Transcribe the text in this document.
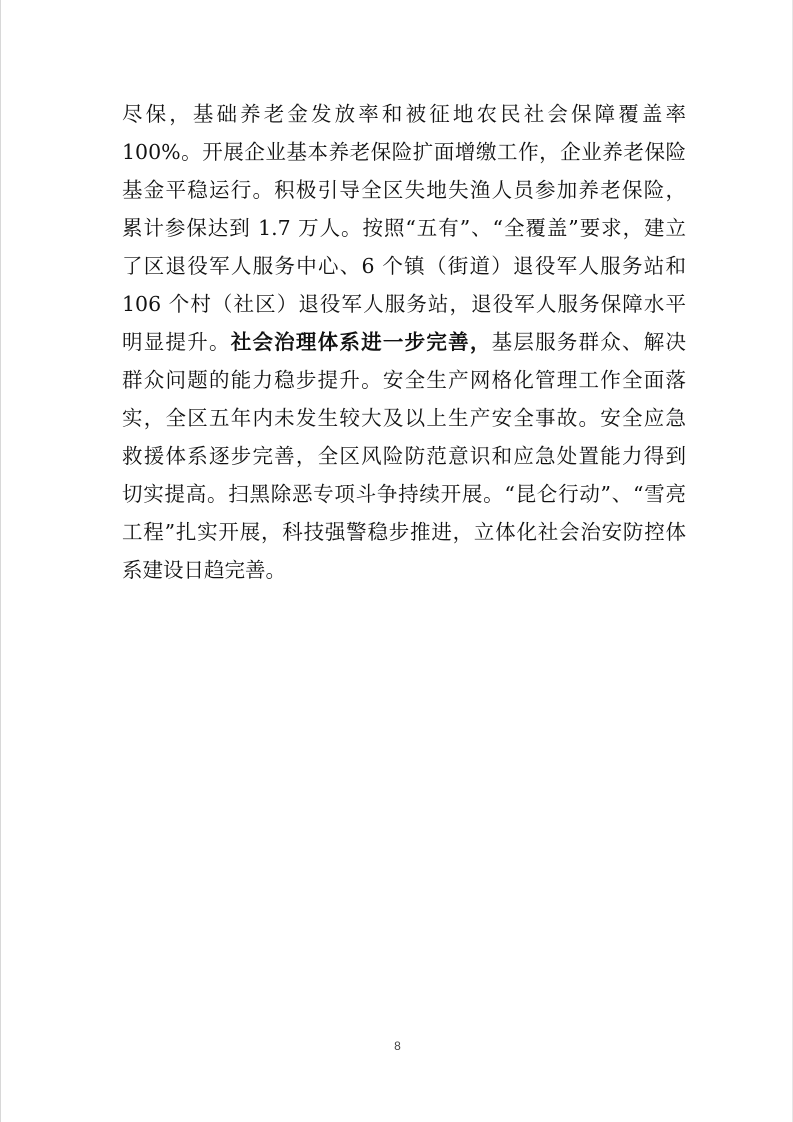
尽保，基础养老金发放率和被征地农民社会保障覆盖率
100%。开展企业基本养老保险扩面增缴工作，企业养老保险
基金平稳运行。积极引导全区失地失渔人员参加养老保险，
累计参保达到 1.7 万人。按照“五有”、“全覆盖”要求，建立
了区退役军人服务中心、6 个镇（街道）退役军人服务站和
106 个村（社区）退役军人服务站，退役军人服务保障水平
明显提升。社会治理体系进一步完善，基层服务群众、解决
群众问题的能力稳步提升。安全生产网格化管理工作全面落
实，全区五年内未发生较大及以上生产安全事故。安全应急
救援体系逐步完善，全区风险防范意识和应急处置能力得到
切实提高。扫黑除恶专项斗争持续开展。“昆仑行动”、“雪亮
工程”扎实开展，科技强警稳步推进，立体化社会治安防控体
系建设日趋完善。
8
